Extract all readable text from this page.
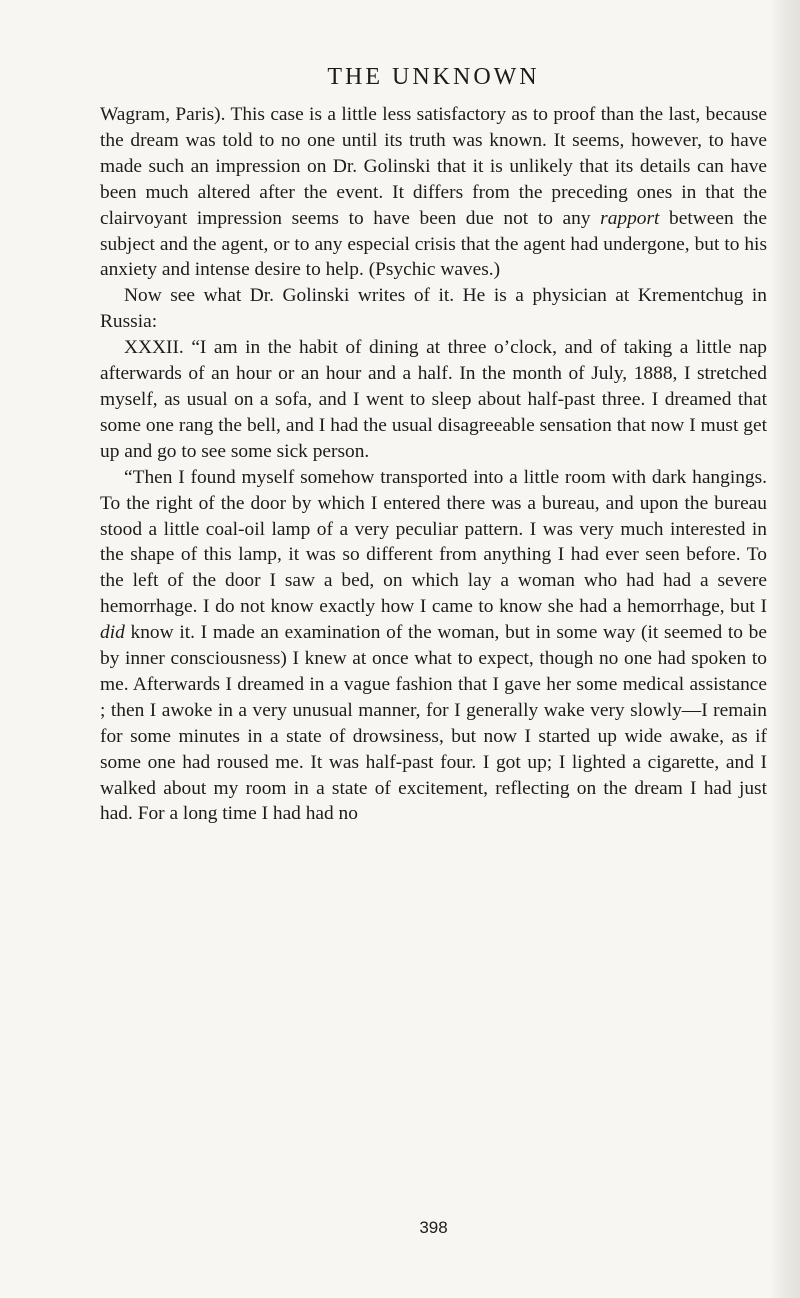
THE UNKNOWN

Wagram, Paris). This case is a little less satisfactory as to proof than the last, because the dream was told to no one until its truth was known. It seems, however, to have made such an impression on Dr. Golinski that it is unlikely that its details can have been much altered after the event. It differs from the preceding ones in that the clairvoyant impression seems to have been due not to any rapport between the subject and the agent, or to any especial crisis that the agent had undergone, but to his anxiety and intense desire to help. (Psychic waves.)

Now see what Dr. Golinski writes of it. He is a physician at Krementchug in Russia:

XXXII. “I am in the habit of dining at three o’clock, and of taking a little nap afterwards of an hour or an hour and a half. In the month of July, 1888, I stretched myself, as usual on a sofa, and I went to sleep about half-past three. I dreamed that some one rang the bell, and I had the usual disagreeable sensation that now I must get up and go to see some sick person.

“Then I found myself somehow transported into a little room with dark hangings. To the right of the door by which I entered there was a bureau, and upon the bureau stood a little coal-oil lamp of a very peculiar pattern. I was very much interested in the shape of this lamp, it was so different from anything I had ever seen before. To the left of the door I saw a bed, on which lay a woman who had had a severe hemorrhage. I do not know exactly how I came to know she had a hemorrhage, but I did know it. I made an examination of the woman, but in some way (it seemed to be by inner consciousness) I knew at once what to expect, though no one had spoken to me. Afterwards I dreamed in a vague fashion that I gave her some medical assistance ; then I awoke in a very unusual manner, for I generally wake very slowly—I remain for some minutes in a state of drowsiness, but now I started up wide awake, as if some one had roused me. It was half-past four. I got up; I lighted a cigarette, and I walked about my room in a state of excitement, reflecting on the dream I had just had. For a long time I had had no

398
